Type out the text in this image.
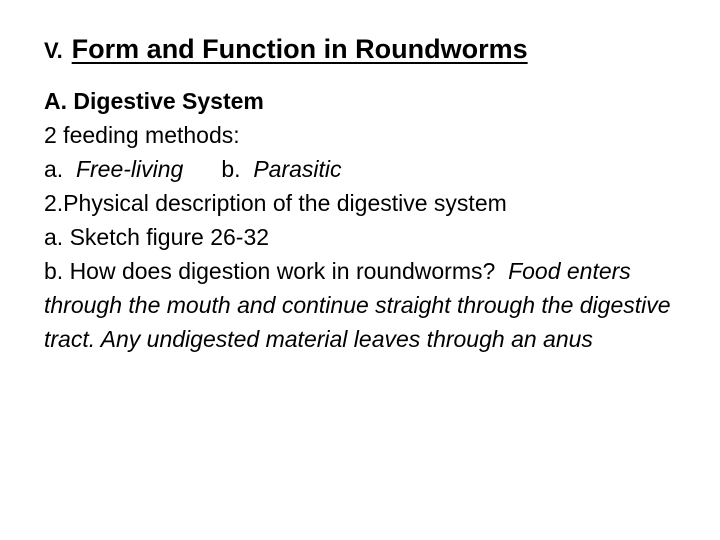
V. Form and Function in Roundworms

A. Digestive System

2 feeding methods:

a. Free-living b. Parasitic

2.Physical description of the digestive system

a. Sketch figure 26-32

b. How does digestion work in roundworms? Food enters through the mouth and continue straight through the digestive tract. Any undigested material leaves through an anus
